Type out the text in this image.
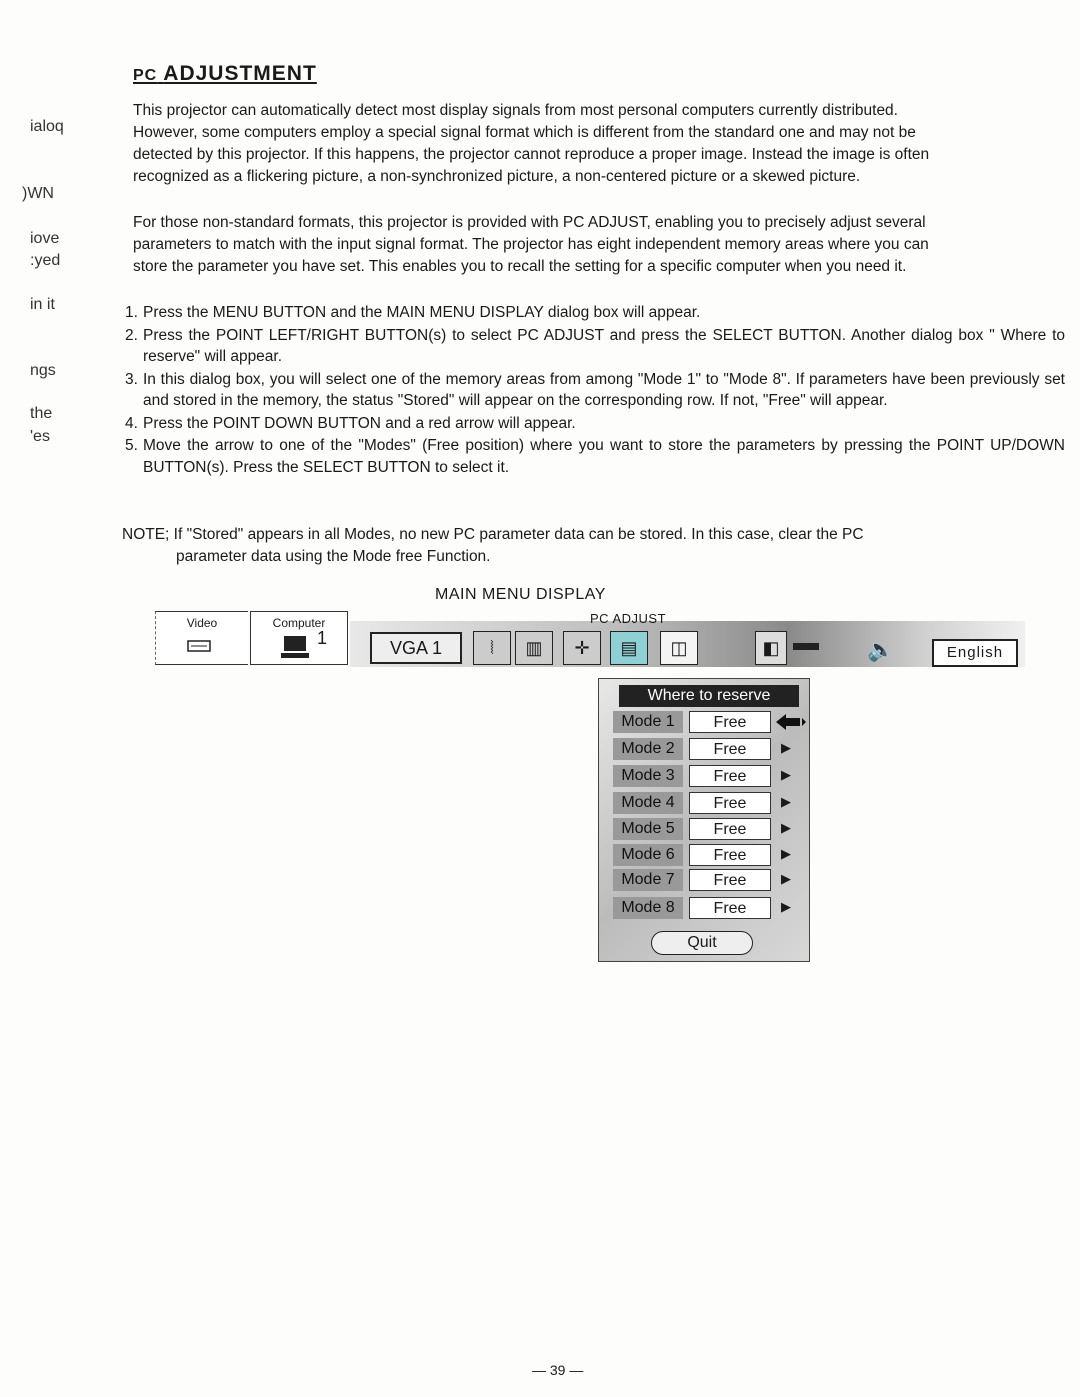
ialoq
)WN
iove
:yed
in it
ngs
the
'es
PC ADJUSTMENT
This projector can automatically detect most display signals from most personal computers currently distributed.
However, some computers employ a special signal format which is different from the standard one and may not be
detected by this projector. If this happens, the projector cannot reproduce a proper image. Instead the image is often
recognized as a flickering picture, a non-synchronized picture, a non-centered picture or a skewed picture.
For those non-standard formats, this projector is provided with PC ADJUST, enabling you to precisely adjust several
parameters to match with the input signal format. The projector has eight independent memory areas where you can
store the parameter you have set. This enables you to recall the setting for a specific computer when you need it.
1. Press the MENU BUTTON and the MAIN MENU DISPLAY dialog box will appear.
2. Press the POINT LEFT/RIGHT BUTTON(s) to select PC ADJUST and press the SELECT BUTTON. Another dialog box " Where to reserve" will appear.
3. In this dialog box, you will select one of the memory areas from among "Mode 1" to "Mode 8". If parameters have been previously set and stored in the memory, the status "Stored" will appear on the corresponding row. If not, "Free" will appear.
4. Press the POINT DOWN BUTTON and a red arrow will appear.
5. Move the arrow to one of the "Modes" (Free position) where you want to store the parameters by pressing the POINT UP/DOWN BUTTON(s). Press the SELECT BUTTON to select it.
NOTE; If "Stored" appears in all Modes, no new PC parameter data can be stored. In this case, clear the PC
parameter data using the Mode free Function.
MAIN MENU DISPLAY
Video	Computer
1
PC ADJUST
VGA 1	⦚	▥	✛	▤	◫	◧	🔈	English
Where to reserve
Mode 1	Free
Mode 2	Free	▶
Mode 3	Free	▶
Mode 4	Free	▶
Mode 5	Free	▶
Mode 6	Free	▶
Mode 7	Free	▶
Mode 8	Free	▶
Quit
— 39 —
